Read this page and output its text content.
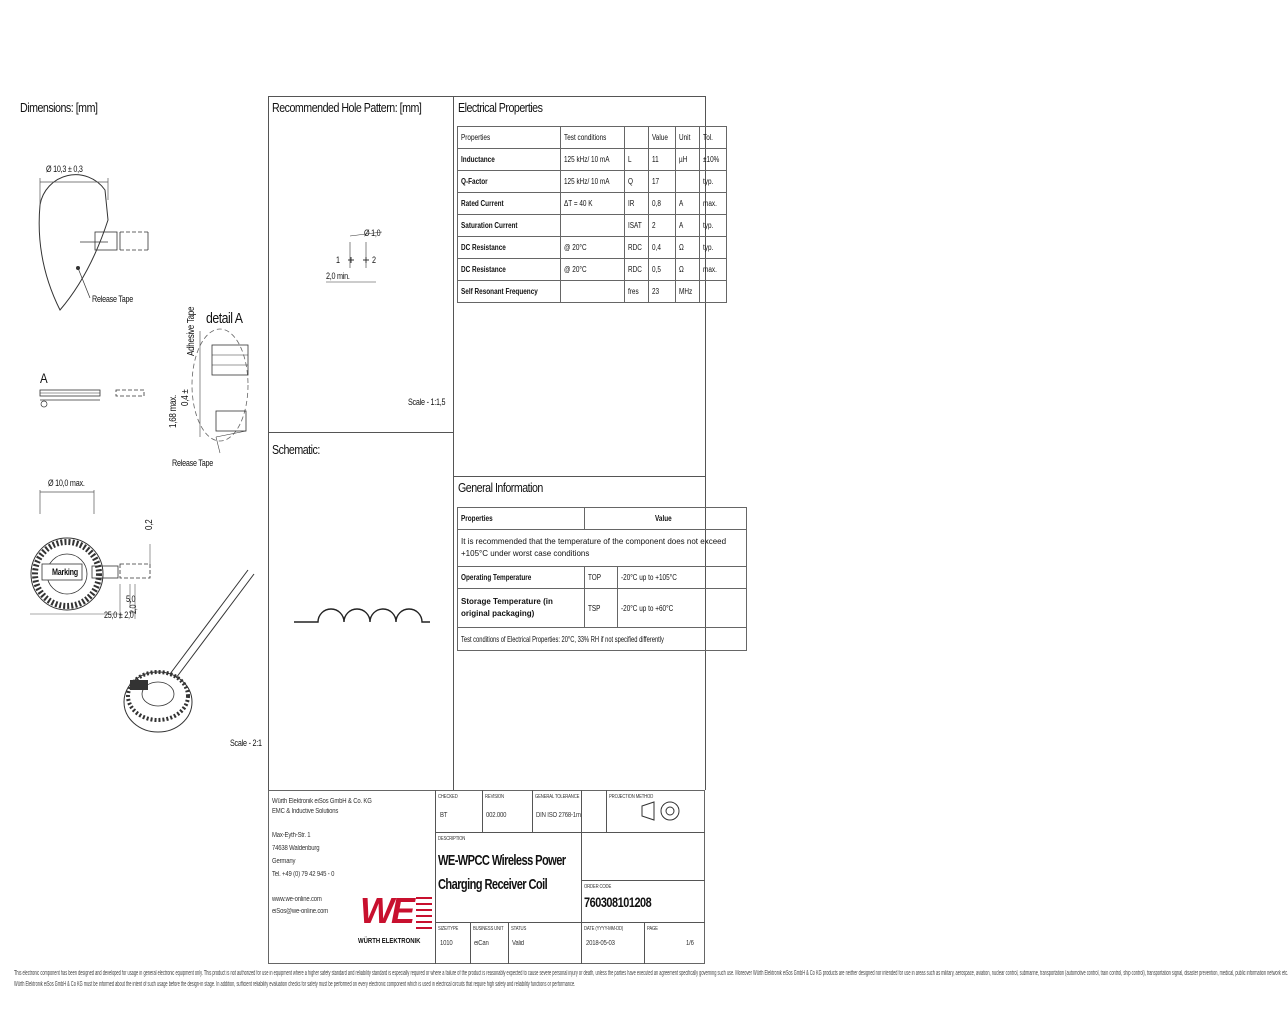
Dimensions: [mm]
Ø 10,3 ± 0,3
Release Tape
A
detail A
Adhesive Tape
1,68 max. 0,4 ±
Release Tape
Ø 10,0 max.
Marking
0,2
5,0
2,0
25,0 ± 2,0
Scale - 2:1
Recommended Hole Pattern: [mm]
Ø 1,0
1	2
2,0 min.
Scale - 1:1,5
Schematic:
Electrical Properties
Properties	Test conditions		Value	Unit	Tol.
Inductance	125 kHz/ 10 mA	L	11	µH	±10%
Q-Factor	125 kHz/ 10 mA	Q	17		typ.
Rated Current	ΔT = 40 K	IR	0,8	A	max.
Saturation Current		ISAT	2	A	typ.
DC Resistance	@ 20°C	RDC	0,4	Ω	typ.
DC Resistance	@ 20°C	RDC	0,5	Ω	max.
Self Resonant Frequency		fres	23	MHz	
General Information
Properties	Value	
It is recommended that the temperature of the component does not exceed +105°C under worst case conditions		
Operating Temperature	TOP	-20°C up to +105°C
Storage Temperature (in original packaging)	TSP	-20°C up to +60°C
Test conditions of Electrical Properties: 20°C, 33% RH if not specified differently		
Würth Elektronik eiSos GmbH & Co. KG
EMC & Inductive Solutions
Max-Eyth-Str. 1
74638 Waldenburg
Germany
Tel. +49 (0) 79 42 945 - 0
www.we-online.com
eiSos@we-online.com WE
WÜRTH ELEKTRONIK
CHECKED
BT
REVISION
002.000
GENERAL TOLERANCE
DIN ISO 2768-1m
PROJECTION METHOD
DESCRIPTION
WE-WPCC Wireless Power
Charging Receiver Coil	ORDER CODE
760308101208
SIZE/TYPE
1010
BUSINESS UNIT
eiCan
STATUS
Valid
DATE (YYYY-MM-DD)
2018-05-03
PAGE
1/6
This electronic component has been designed and developed for usage in general electronic equipment only. This product is not authorized for use in equipment where a higher safety standard and reliability standard is especially required or where a failure of the product is reasonably expected to cause severe personal injury or death, unless the parties have executed an agreement specifically governing such use. Moreover Würth Elektronik eiSos GmbH & Co KG products are neither designed nor intended for use in areas such as military, aerospace, aviation, nuclear control, submarine, transportation (automotive control, train control, ship control), transportation signal, disaster prevention, medical, public information network etc.
Würth Elektronik eiSos GmbH & Co KG must be informed about the intent of such usage before the design-in stage. In addition, sufficient reliability evaluation checks for safety must be performed on every electronic component which is used in electrical circuits that require high safety and reliability functions or performance.
